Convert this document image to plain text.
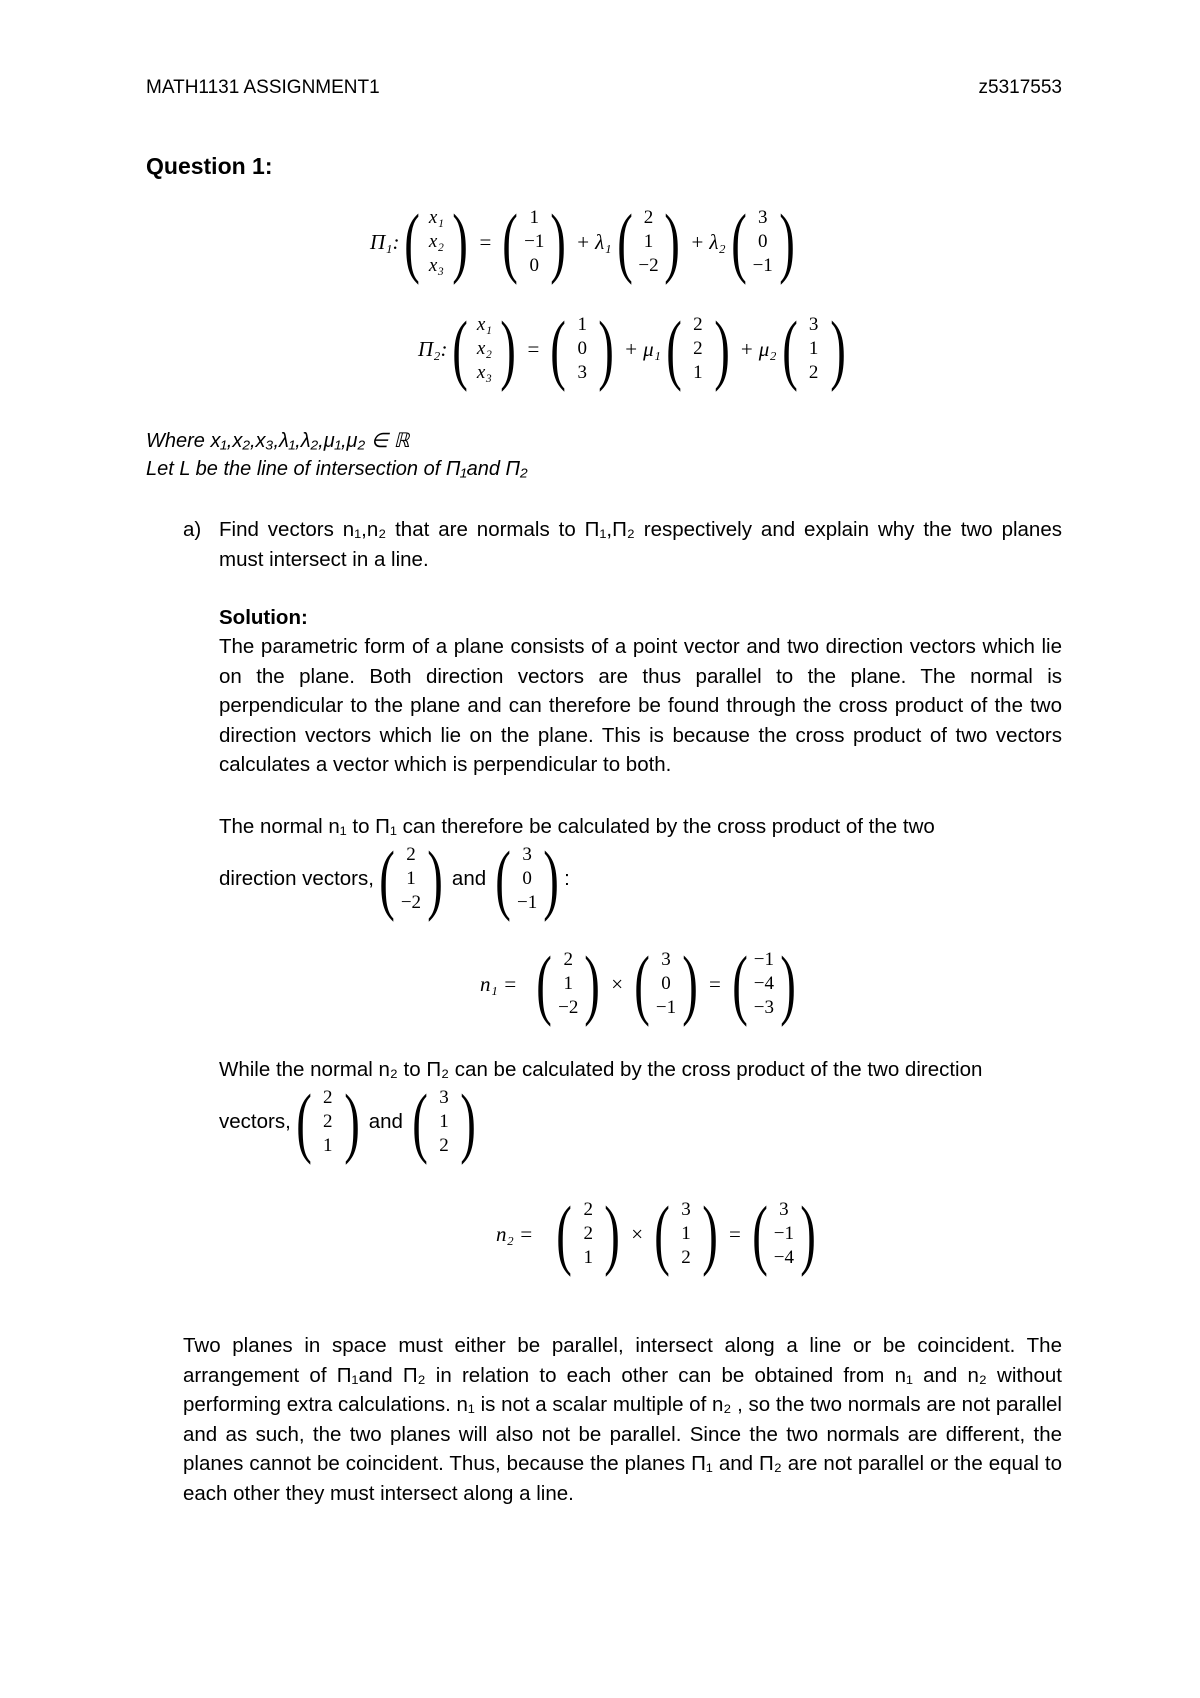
MATH1131 ASSIGNMENT1	z5317553
Question 1:
Π₁: ( x₁
x₂
x₃ ) = ( 1
−1
0 ) + λ₁ ( 2
1
−2 ) + λ₂ ( 3
0
−1 )
Π₂: ( x₁
x₂
x₃ ) = ( 1
0
3 ) + μ₁ ( 2
2
1 ) + μ₂ ( 3
1
2 )
Where x₁,x₂,x₃,λ₁,λ₂,μ₁,μ₂ ∈ ℝ
Let L be the line of intersection of Π₁and Π₂
a) Find vectors n₁,n₂ that are normals to Π₁,Π₂ respectively and explain why the two planes must intersect in a line.
Solution:
The parametric form of a plane consists of a point vector and two direction vectors which lie on the plane. Both direction vectors are thus parallel to the plane. The normal is perpendicular to the plane and can therefore be found through the cross product of the two direction vectors which lie on the plane. This is because the cross product of two vectors calculates a vector which is perpendicular to both.
The normal n₁ to Π₁ can therefore be calculated by the cross product of the two
direction vectors, ( 2
1
−2 ) and ( 3
0
−1 ) :
n₁ = ( 2
1
−2 ) × ( 3
0
−1 ) = ( −1
−4
−3 )
While the normal n₂ to Π₂ can be calculated by the cross product of the two direction
vectors, ( 2
2
1 ) and ( 3
1
2 )
n₂ = ( 2
2
1 ) × ( 3
1
2 ) = ( 3
−1
−4 )
Two planes in space must either be parallel, intersect along a line or be coincident. The arrangement of Π₁and Π₂ in relation to each other can be obtained from n₁ and n₂ without performing extra calculations. n₁ is not a scalar multiple of n₂ , so the two normals are not parallel and as such, the two planes will also not be parallel. Since the two normals are different, the planes cannot be coincident. Thus, because the planes Π₁ and Π₂ are not parallel or the equal to each other they must intersect along a line.
